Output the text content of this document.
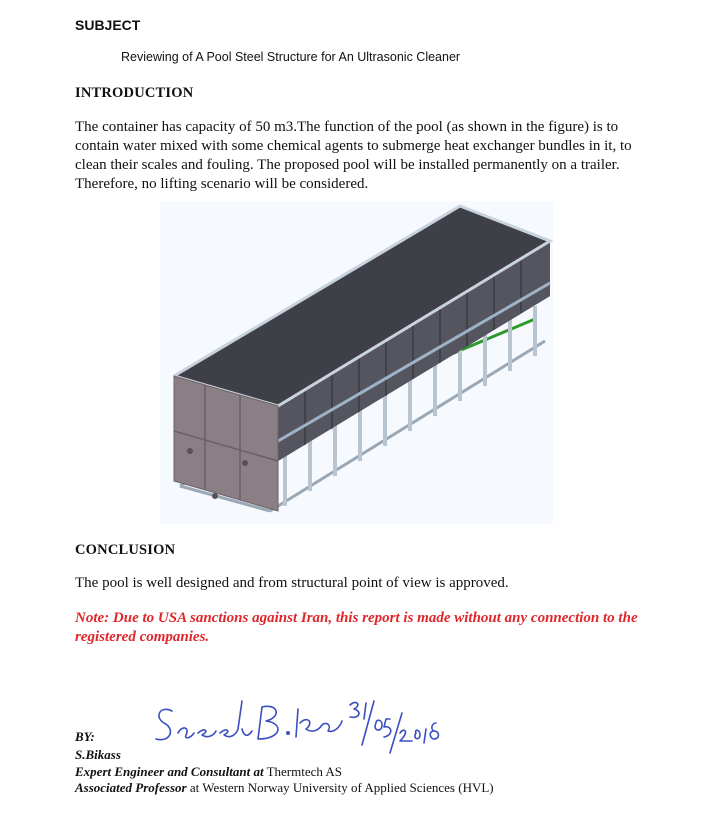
SUBJECT
Reviewing of A Pool Steel Structure for An Ultrasonic Cleaner
INTRODUCTION
The container has capacity of 50 m3.The function of the pool (as shown in the figure) is to
contain water mixed with some chemical agents to submerge heat exchanger bundles in it, to
clean their scales and fouling. The proposed pool will be installed permanently on a trailer.
Therefore, no lifting scenario will be considered.
CONCLUSION
The pool is well designed and from structural point of view is approved.
Note: Due to USA sanctions against Iran, this report is made without any connection to the
registered companies.
BY:
S.Bikass
Expert Engineer and Consultant at Thermtech AS
Associated Professor at Western Norway University of Applied Sciences (HVL)
